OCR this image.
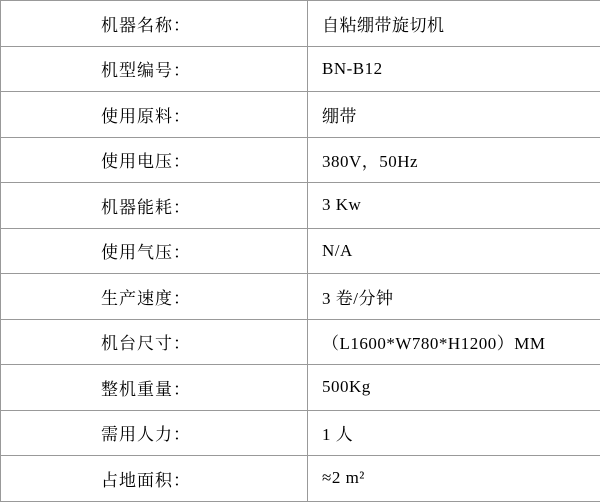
机器名称：	自粘绷带旋切机
机型编号：	BN-B12
使用原料：	绷带
使用电压：	380V，50Hz
机器能耗：	3 Kw
使用气压：	N/A
生产速度：	3 卷/分钟
机台尺寸：	（L1600*W780*H1200）MM
整机重量：	500Kg
需用人力：	1 人
占地面积：	≈2 m²
